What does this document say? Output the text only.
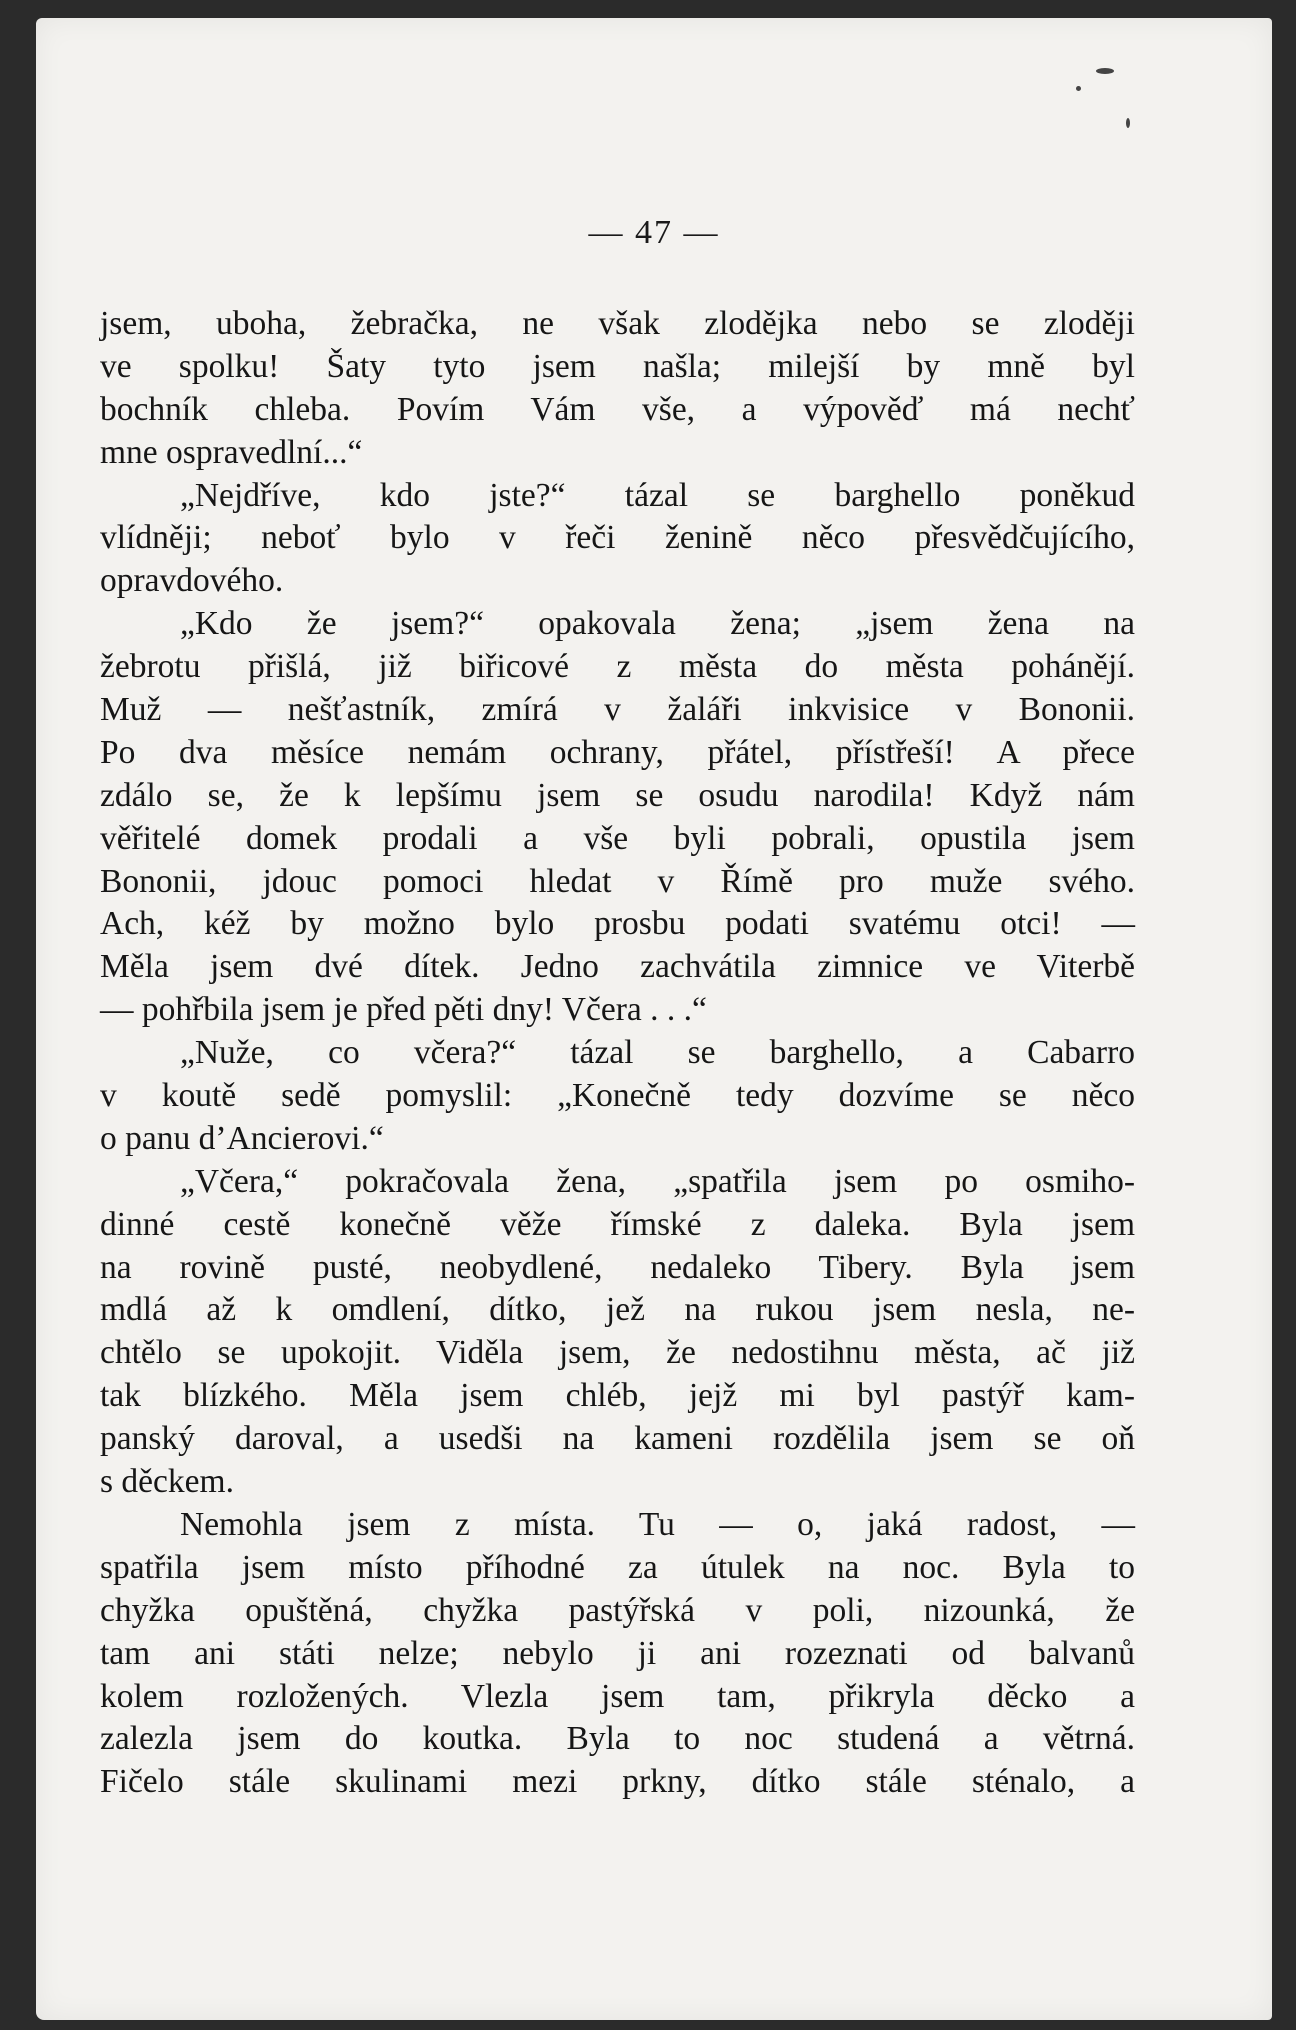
— 47 —
jsem, uboha, žebračka, ne však zlodějka nebo se zloději
ve spolku! Šaty tyto jsem našla; milejší by mně byl
bochník chleba. Povím Vám vše, a výpověď má nechť
mne ospravedlní...“
„Nejdříve, kdo jste?“ tázal se barghello poněkud
vlídněji; neboť bylo v řeči ženině něco přesvědčujícího,
opravdového.
„Kdo že jsem?“ opakovala žena; „jsem žena na
žebrotu přišlá, již biřicové z města do města pohánějí.
Muž — nešťastník, zmírá v žaláři inkvisice v Bononii.
Po dva měsíce nemám ochrany, přátel, přístřeší! A přece
zdálo se, že k lepšímu jsem se osudu narodila! Když nám
věřitelé domek prodali a vše byli pobrali, opustila jsem
Bononii, jdouc pomoci hledat v Římě pro muže svého.
Ach, kéž by možno bylo prosbu podati svatému otci! —
Měla jsem dvé dítek. Jedno zachvátila zimnice ve Viterbě
— pohřbila jsem je před pěti dny! Včera . . .“
„Nuže, co včera?“ tázal se barghello, a Cabarro
v koutě sedě pomyslil: „Konečně tedy dozvíme se něco
o panu d’Ancierovi.“
„Včera,“ pokračovala žena, „spatřila jsem po osmiho-
dinné cestě konečně věže římské z daleka. Byla jsem
na rovině pusté, neobydlené, nedaleko Tibery. Byla jsem
mdlá až k omdlení, dítko, jež na rukou jsem nesla, ne-
chtělo se upokojit. Viděla jsem, že nedostihnu města, ač již
tak blízkého. Měla jsem chléb, jejž mi byl pastýř kam-
panský daroval, a usedši na kameni rozdělila jsem se oň
s děckem.
Nemohla jsem z místa. Tu — o, jaká radost, —
spatřila jsem místo příhodné za útulek na noc. Byla to
chyžka opuštěná, chyžka pastýřská v poli, nizounká, že
tam ani státi nelze; nebylo ji ani rozeznati od balvanů
kolem rozložených. Vlezla jsem tam, přikryla děcko a
zalezla jsem do koutka. Byla to noc studená a větrná.
Fičelo stále skulinami mezi prkny, dítko stále sténalo, a
